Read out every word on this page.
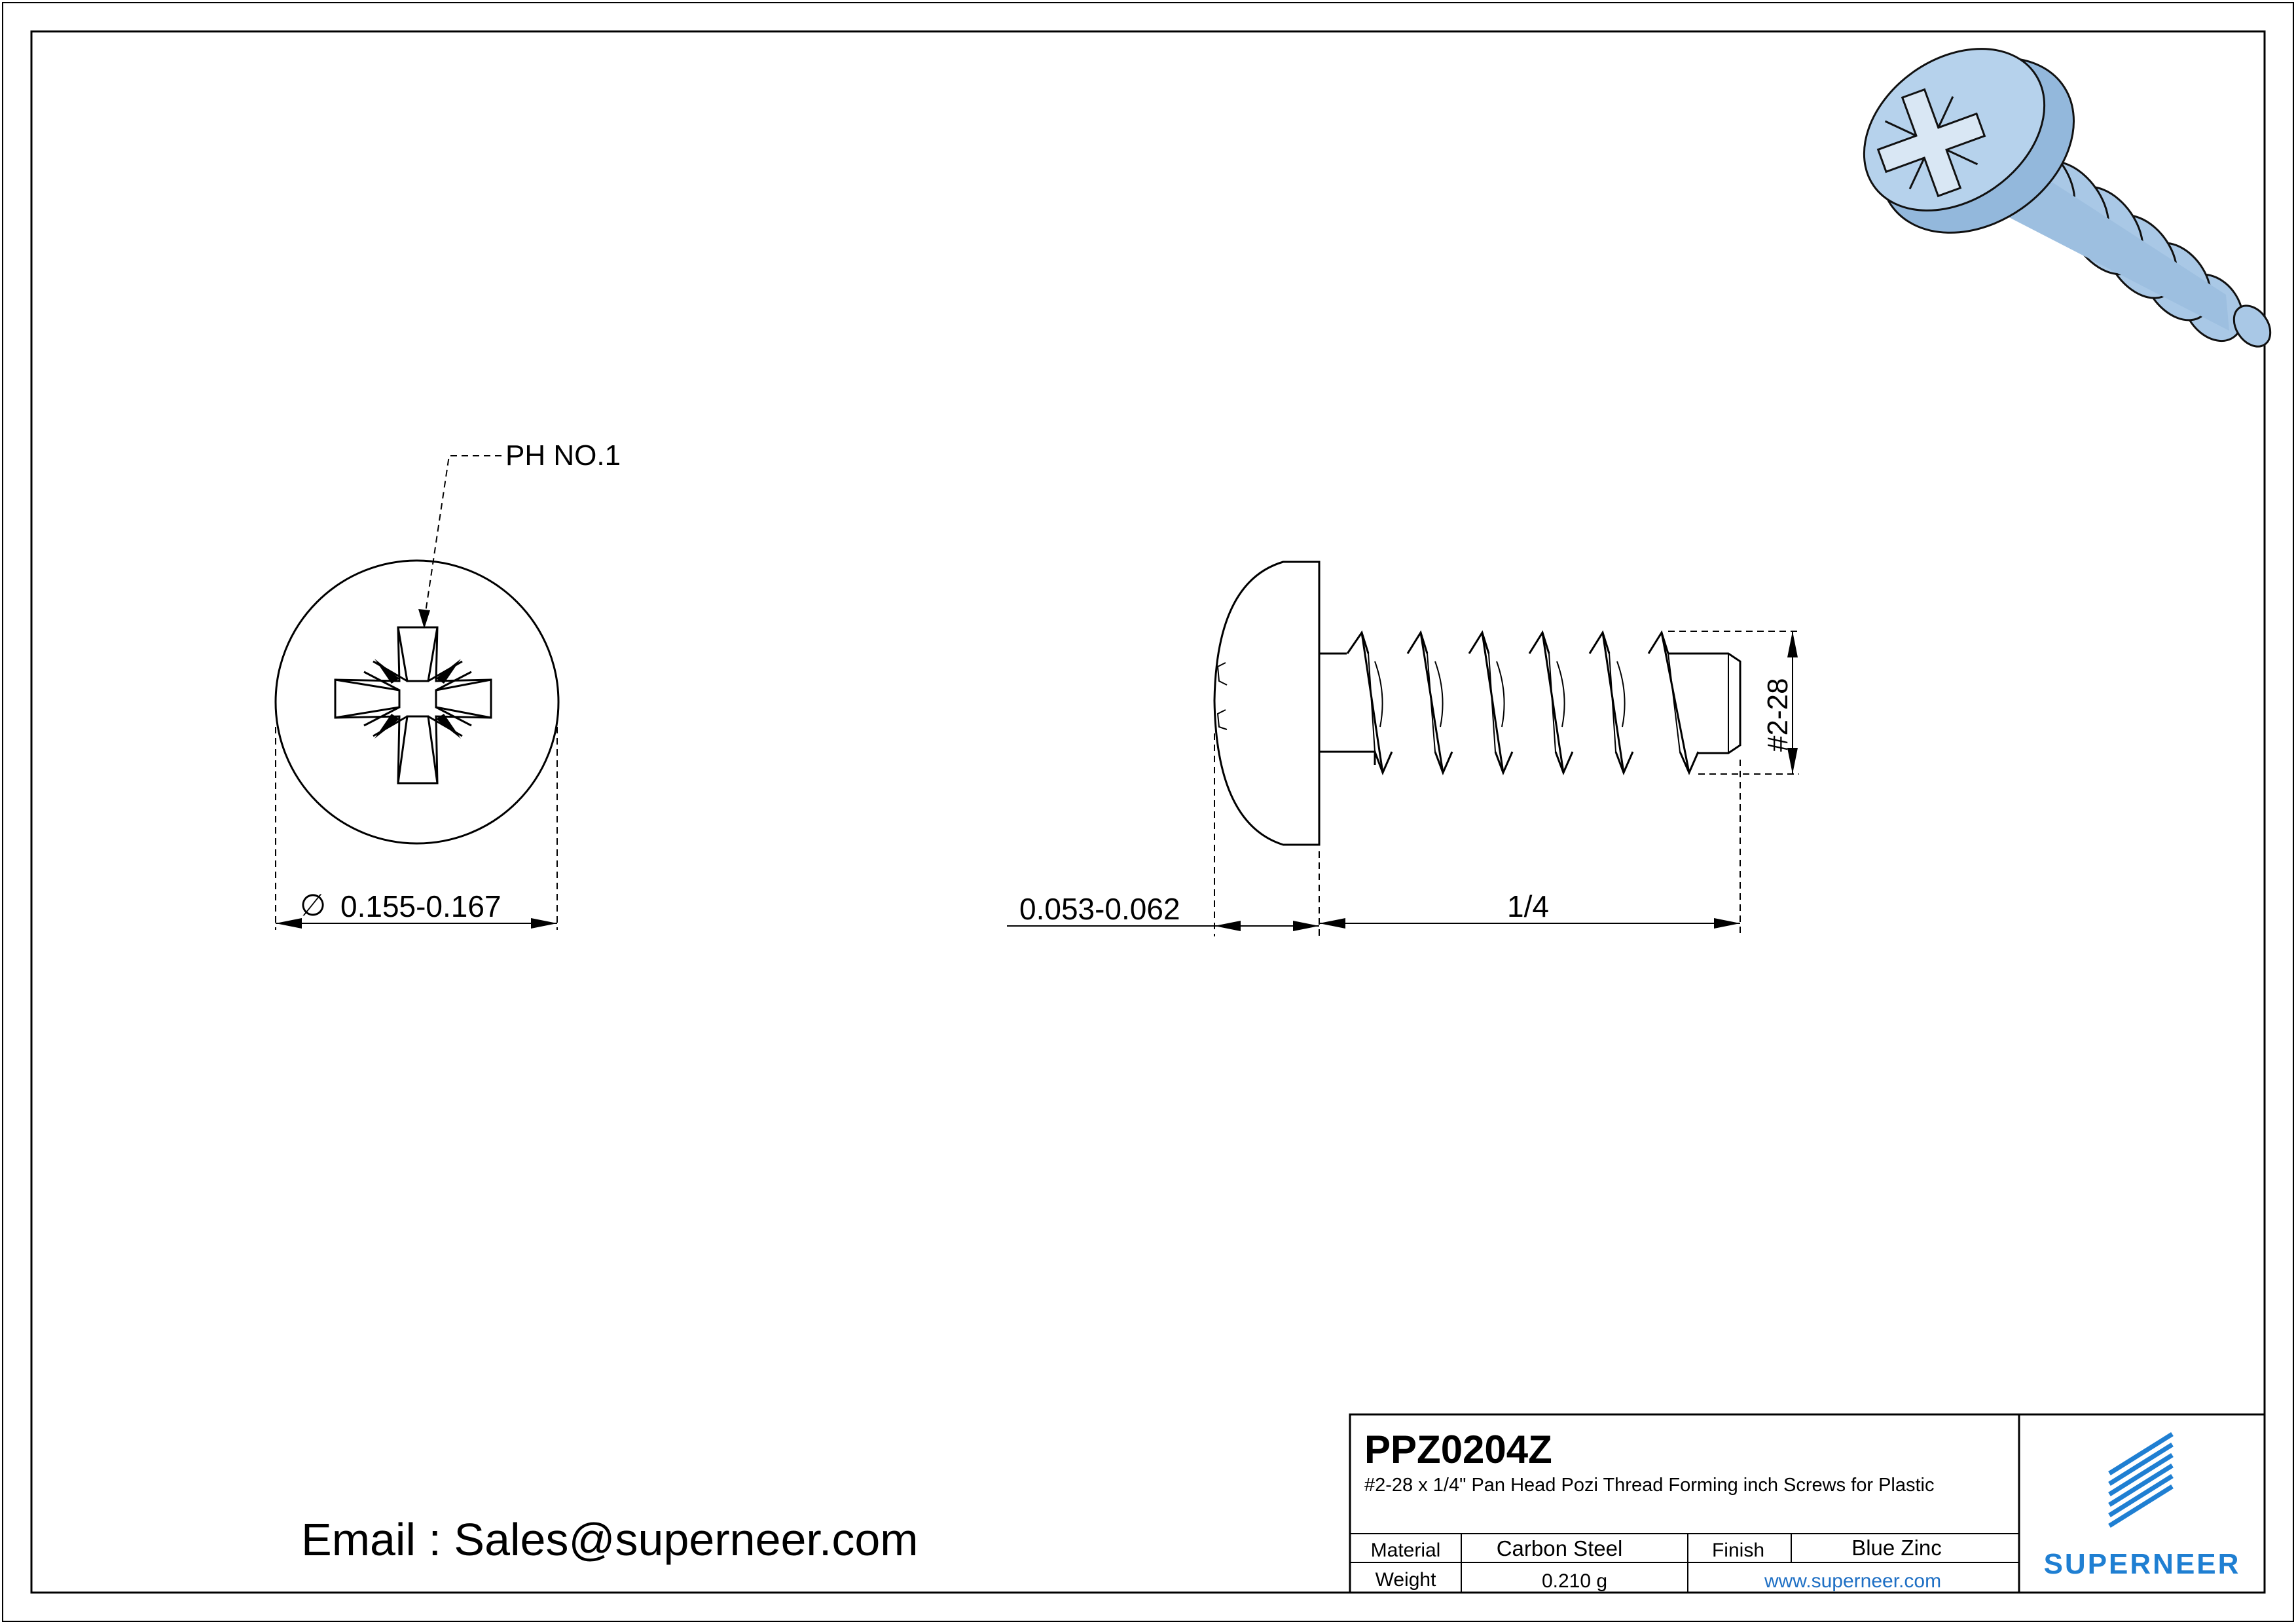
PH NO.1
∅ 0.155-0.167
#2-28
0.053-0.062	1/4
Email : Sales@superneer.com
PPZ0204Z
#2-28 x 1/4" Pan Head Pozi Thread Forming inch Screws for Plastic
Material	Carbon Steel	Finish	Blue Zinc
Weight	0.210 g	www.superneer.com
SUPERNEER
